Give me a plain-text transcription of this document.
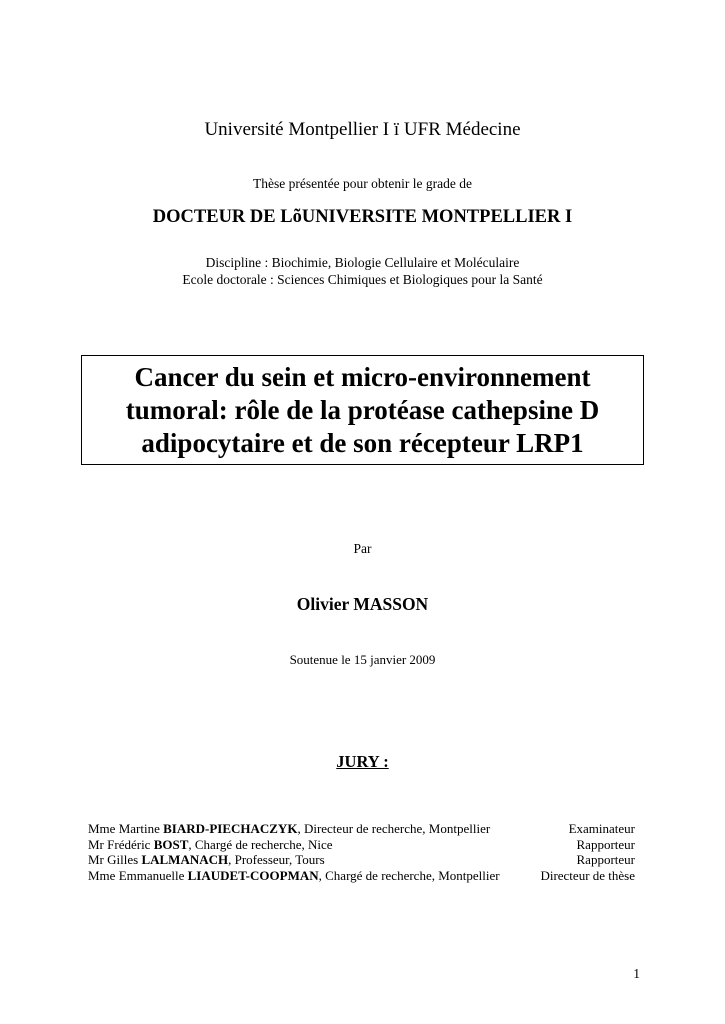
Université Montpellier I ï UFR Médecine
Thèse présentée pour obtenir le grade de
DOCTEUR DE LõUNIVERSITE MONTPELLIER I
Discipline : Biochimie, Biologie Cellulaire et Moléculaire
Ecole doctorale : Sciences Chimiques et Biologiques pour la Santé
Cancer du sein et micro-environnement
tumoral: rôle de la protéase cathepsine D
adipocytaire et de son récepteur LRP1
Par
Olivier MASSON
Soutenue le 15 janvier 2009
JURY :
Mme Martine BIARD-PIECHACZYK, Directeur de recherche, Montpellier	Examinateur
Mr Frédéric BOST, Chargé de recherche, Nice	Rapporteur
Mr Gilles LALMANACH, Professeur, Tours	Rapporteur
Mme Emmanuelle LIAUDET-COOPMAN, Chargé de recherche, Montpellier	Directeur de thèse
1
